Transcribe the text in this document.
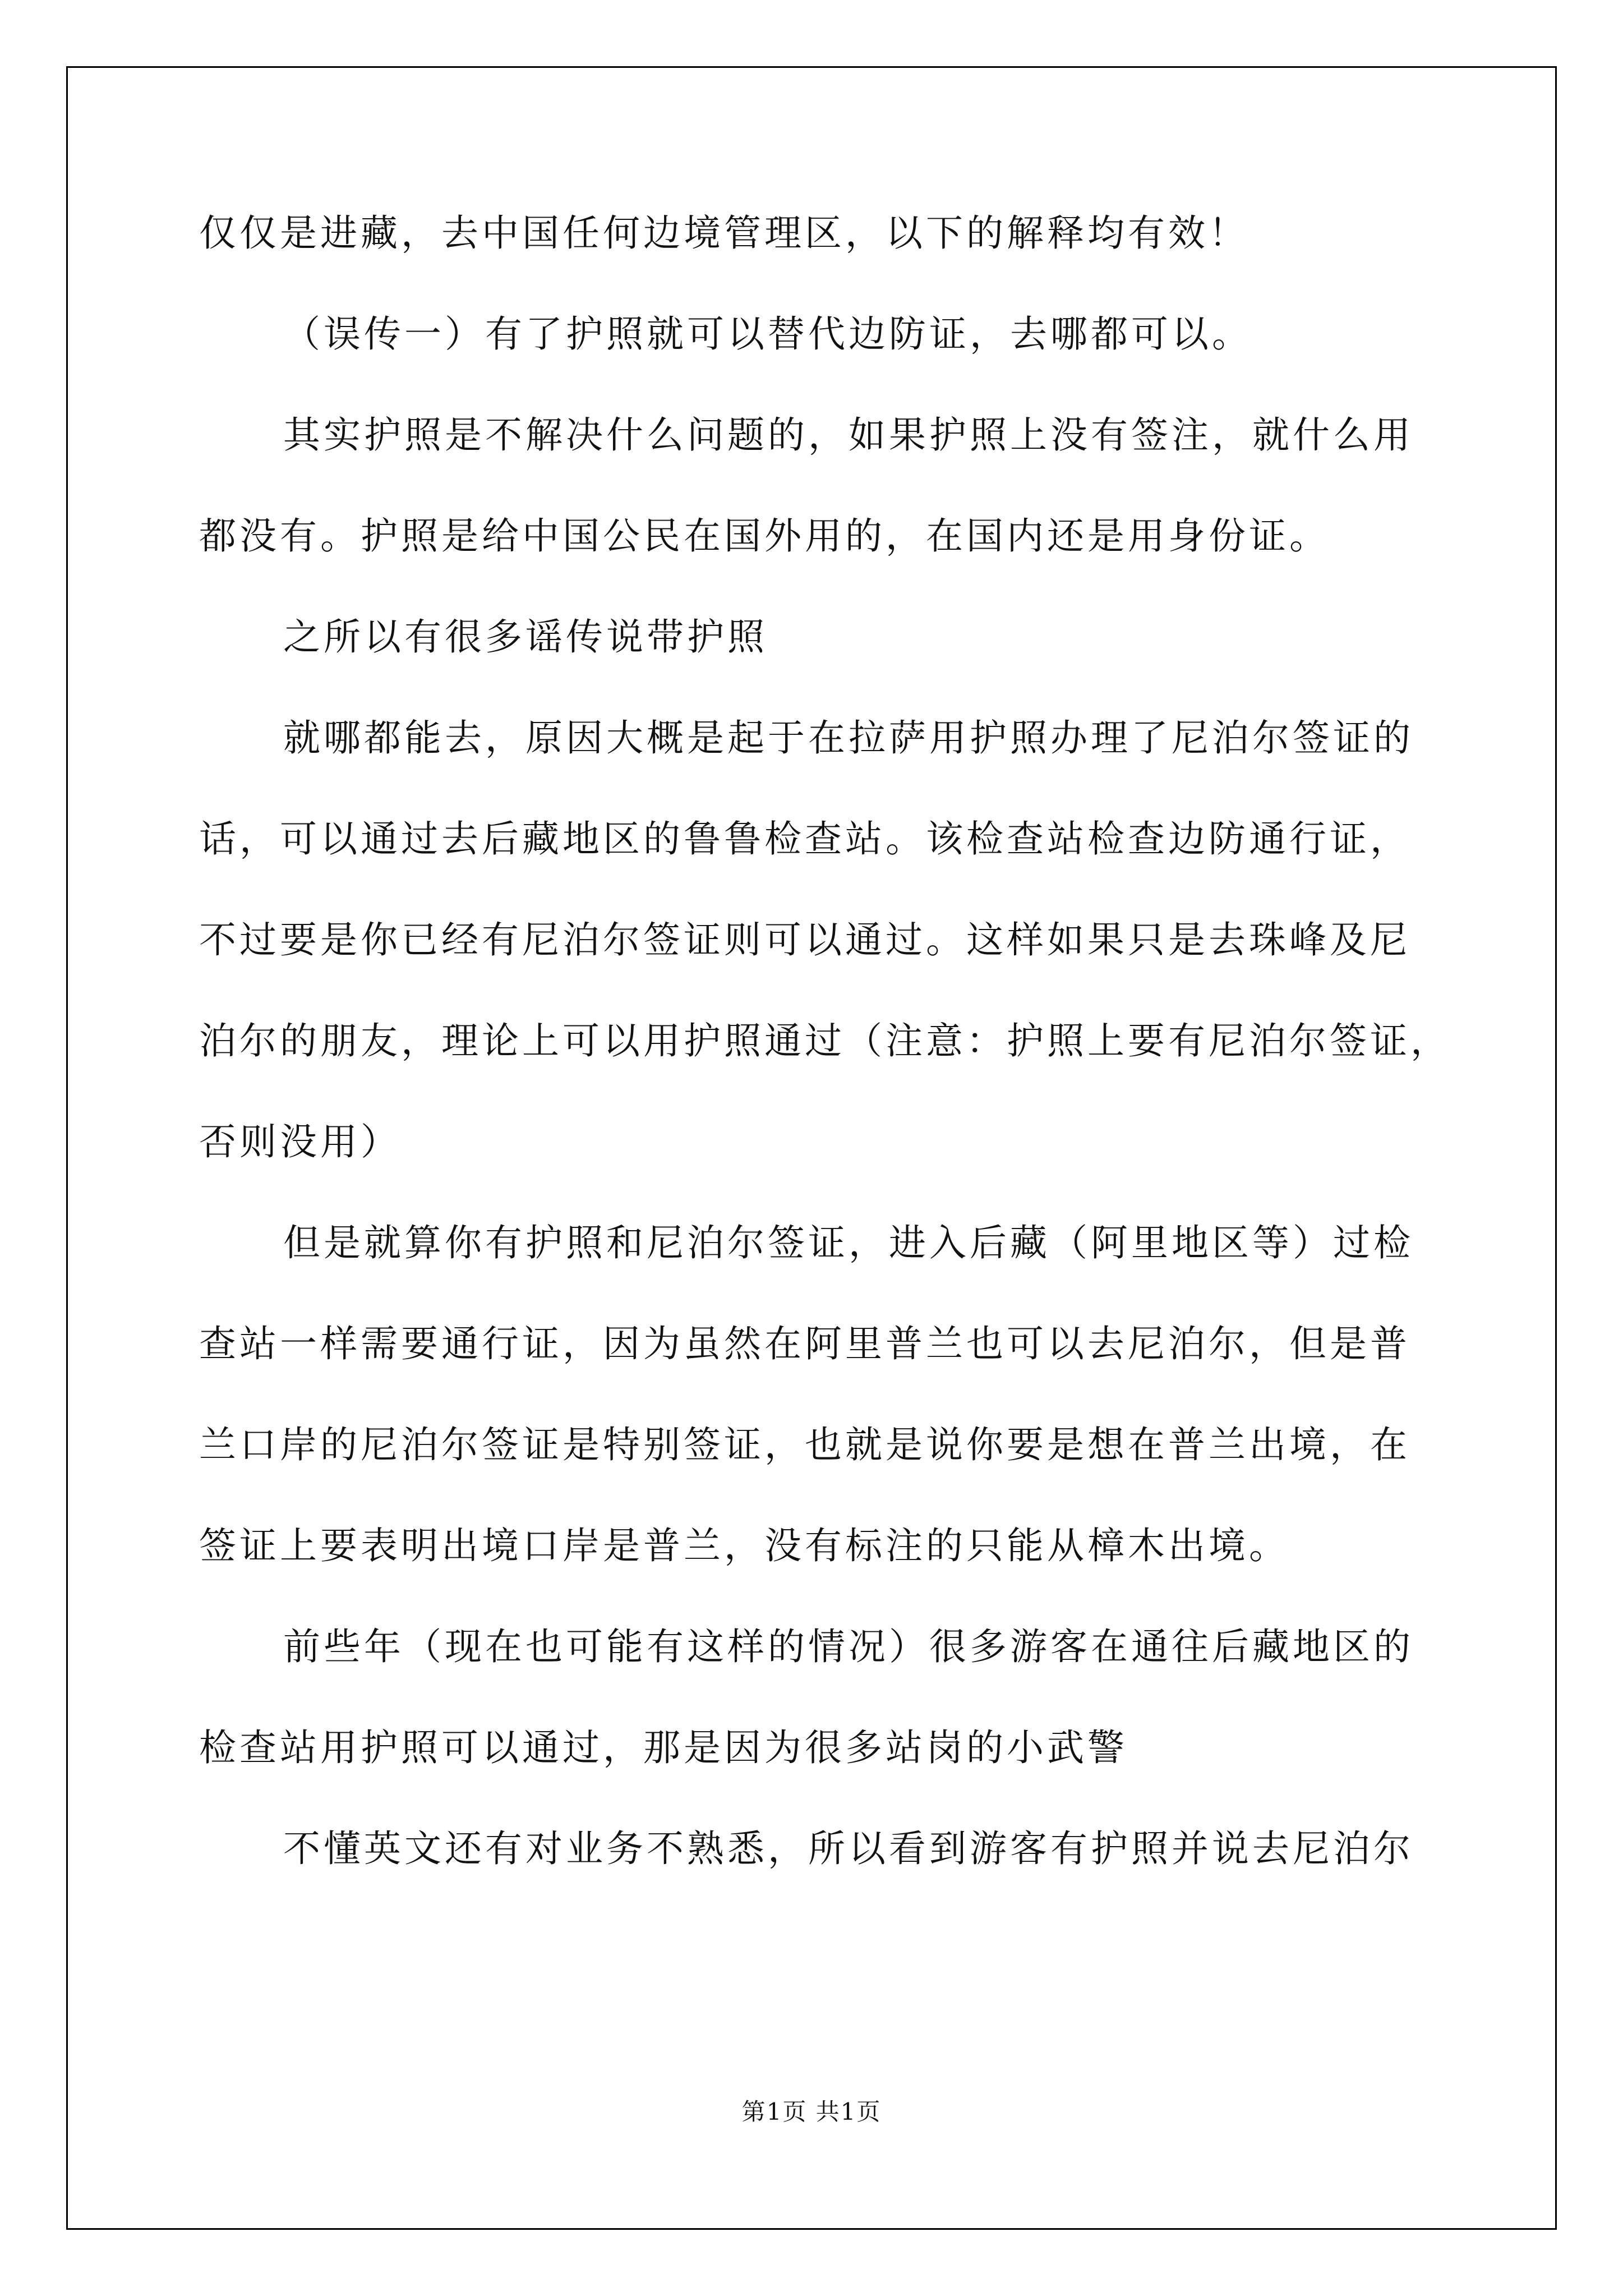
仅仅是进藏，去中国任何边境管理区，以下的解释均有效！
（误传一）有了护照就可以替代边防证，去哪都可以。
其实护照是不解决什么问题的，如果护照上没有签注，就什么用
都没有。护照是给中国公民在国外用的，在国内还是用身份证。
之所以有很多谣传说带护照
就哪都能去，原因大概是起于在拉萨用护照办理了尼泊尔签证的
话，可以通过去后藏地区的鲁鲁检查站。该检查站检查边防通行证，
不过要是你已经有尼泊尔签证则可以通过。这样如果只是去珠峰及尼
泊尔的朋友，理论上可以用护照通过（注意：护照上要有尼泊尔签证，
否则没用）
但是就算你有护照和尼泊尔签证，进入后藏（阿里地区等）过检
查站一样需要通行证，因为虽然在阿里普兰也可以去尼泊尔，但是普
兰口岸的尼泊尔签证是特别签证，也就是说你要是想在普兰出境，在
签证上要表明出境口岸是普兰，没有标注的只能从樟木出境。
前些年（现在也可能有这样的情况）很多游客在通往后藏地区的
检查站用护照可以通过，那是因为很多站岗的小武警
不懂英文还有对业务不熟悉，所以看到游客有护照并说去尼泊尔
第1页 共1页
